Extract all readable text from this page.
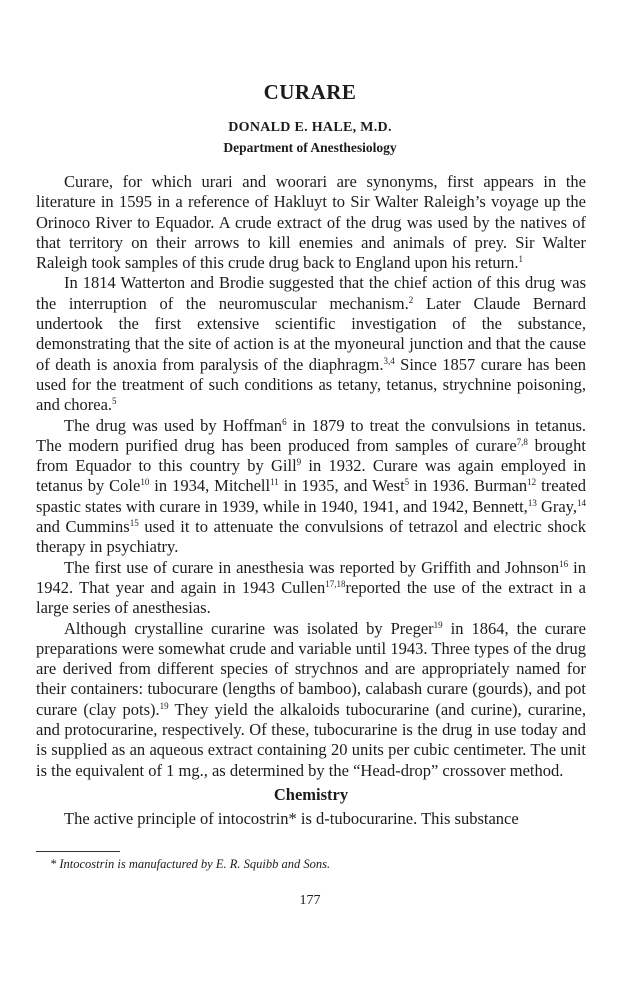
CURARE
DONALD E. HALE, M.D.
Department of Anesthesiology

Curare, for which urari and woorari are synonyms, first appears in the literature in 1595 in a reference of Hakluyt to Sir Walter Raleigh’s voyage up the Orinoco River to Equador. A crude extract of the drug was used by the natives of that territory on their arrows to kill enemies and animals of prey. Sir Walter Raleigh took samples of this crude drug back to England upon his return.$^1$

In 1814 Watterton and Brodie suggested that the chief action of this drug was the interruption of the neuromuscular mechanism.$^2$ Later Claude Bernard undertook the first extensive scientific investigation of the substance, demonstrating that the site of action is at the myoneural junction and that the cause of death is anoxia from paralysis of the diaphragm.$^{3,4}$ Since 1857 curare has been used for the treatment of such conditions as tetany, tetanus, strychnine poisoning, and chorea.$^5$

The drug was used by Hoffman$^6$ in 1879 to treat the convulsions in tetanus. The modern purified drug has been produced from samples of curare$^{7,8}$ brought from Equador to this country by Gill$^9$ in 1932. Curare was again employed in tetanus by Cole$^{10}$ in 1934, Mitchell$^{11}$ in 1935, and West$^5$ in 1936. Burman$^{12}$ treated spastic states with curare in 1939, while in 1940, 1941, and 1942, Bennett,$^{13}$ Gray,$^{14}$ and Cummins$^{15}$ used it to attenuate the convulsions of tetrazol and electric shock therapy in psychiatry.

The first use of curare in anesthesia was reported by Griffith and Johnson$^{16}$ in 1942. That year and again in 1943 Cullen$^{17,18}$reported the use of the extract in a large series of anesthesias.

Although crystalline curarine was isolated by Preger$^{19}$ in 1864, the curare preparations were somewhat crude and variable until 1943. Three types of the drug are derived from different species of strychnos and are appropriately named for their containers: tubocurare (lengths of bamboo), calabash curare (gourds), and pot curare (clay pots).$^{19}$ They yield the alkaloids tubocurarine (and curine), curarine, and protocurarine, respectively. Of these, tubocurarine is the drug in use today and is supplied as an aqueous extract containing 20 units per cubic centimeter. The unit is the equivalent of 1 mg., as determined by the “Head-drop” crossover method.

Chemistry

The active principle of intocostrin* is d-tubocurarine. This substance

* Intocostrin is manufactured by E. R. Squibb and Sons.
177
